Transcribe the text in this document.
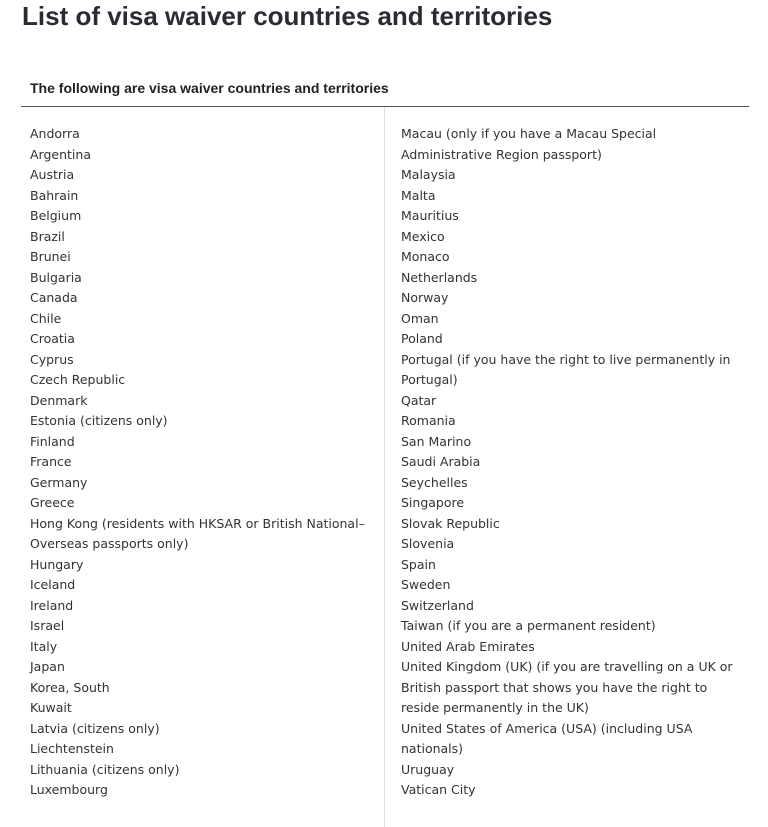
List of visa waiver countries and territories
The following are visa waiver countries and territories
Andorra
Argentina
Austria
Bahrain
Belgium
Brazil
Brunei
Bulgaria
Canada
Chile
Croatia
Cyprus
Czech Republic
Denmark
Estonia (citizens only)
Finland
France
Germany
Greece
Hong Kong (residents with HKSAR or British National–Overseas passports only)
Hungary
Iceland
Ireland
Israel
Italy
Japan
Korea, South
Kuwait
Latvia (citizens only)
Liechtenstein
Lithuania (citizens only)
Luxembourg
Macau (only if you have a Macau Special Administrative Region passport)
Malaysia
Malta
Mauritius
Mexico
Monaco
Netherlands
Norway
Oman
Poland
Portugal (if you have the right to live permanently in Portugal)
Qatar
Romania
San Marino
Saudi Arabia
Seychelles
Singapore
Slovak Republic
Slovenia
Spain
Sweden
Switzerland
Taiwan (if you are a permanent resident)
United Arab Emirates
United Kingdom (UK) (if you are travelling on a UK or British passport that shows you have the right to reside permanently in the UK)
United States of America (USA) (including USA nationals)
Uruguay
Vatican City
